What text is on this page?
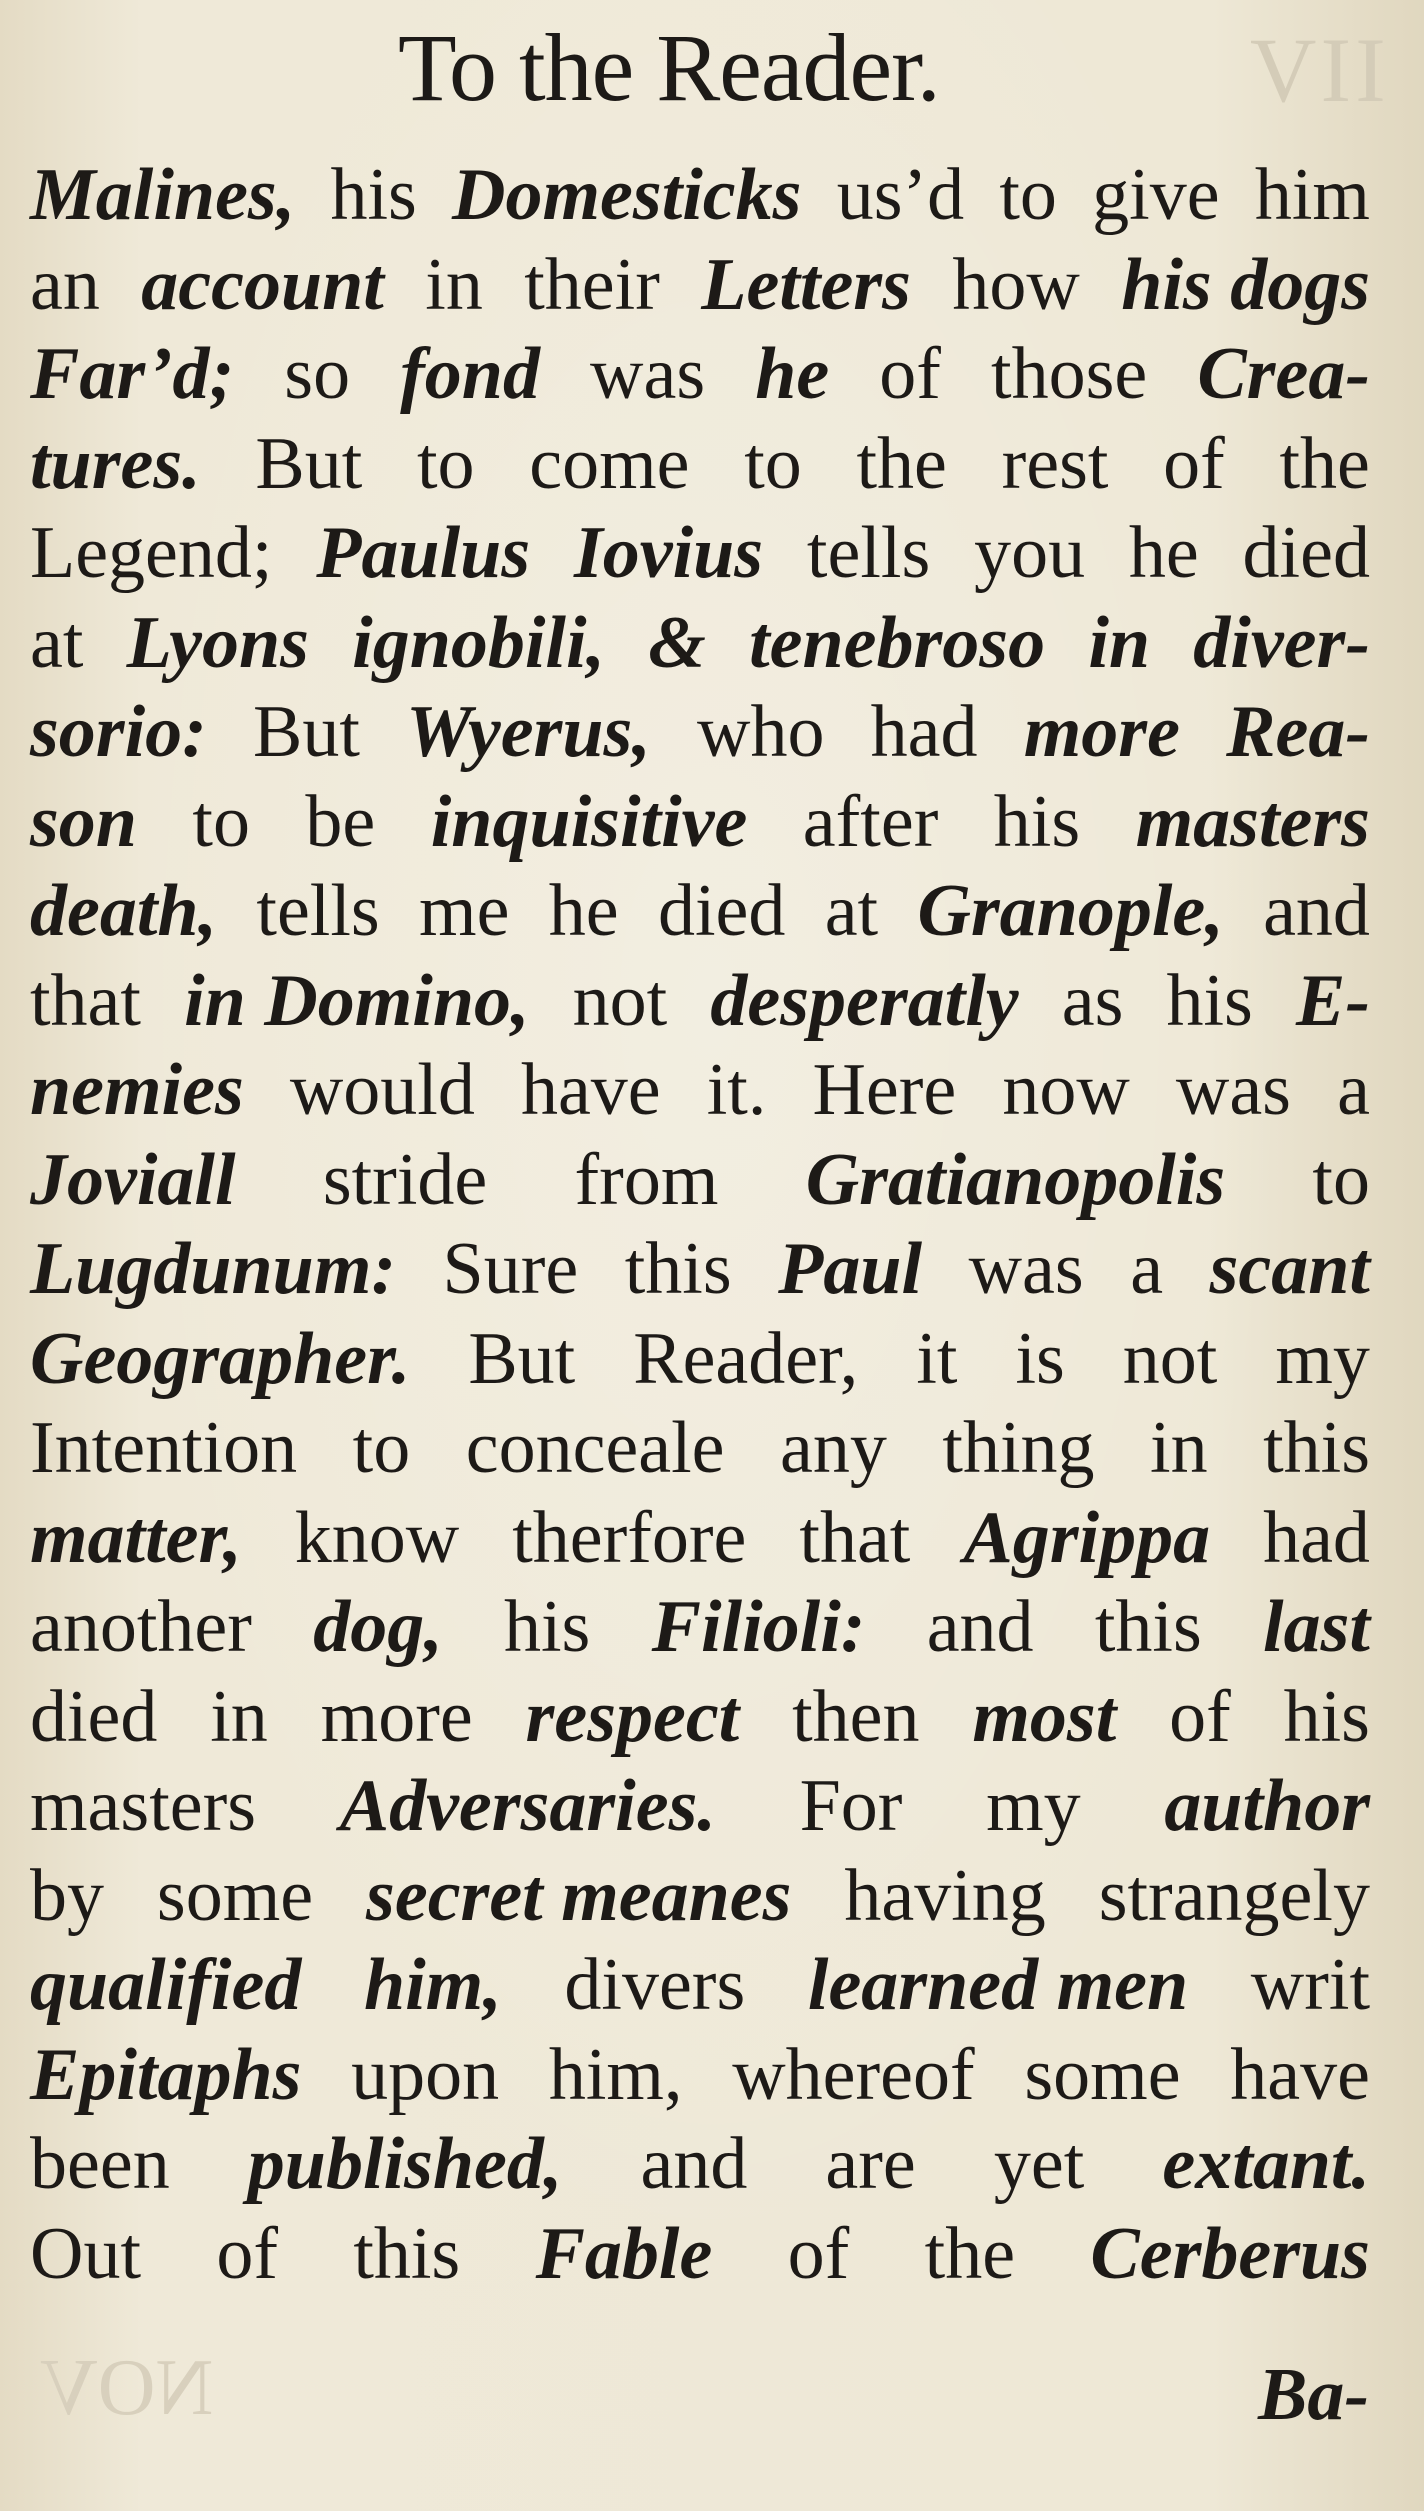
To the Reader.	VII
Malines, his Domesticks us’d to give him
an account in their Letters how his dogs
Far’d; so fond was he of those Crea-
tures. But to come to the rest of the
Legend; Paulus Iovius tells you he died
at Lyons ignobili, & tenebroso in diver-
sorio: But Wyerus, who had more Rea-
son to be inquisitive after his masters
death, tells me he died at Granople, and
that in Domino, not desperatly as his E-
nemies would have it. Here now was a
Joviall stride from Gratianopolis to
Lugdunum: Sure this Paul was a scant
Geographer. But Reader, it is not my
Intention to conceale any thing in this
matter, know therfore that Agrippa had
another dog, his Filioli: and this last
died in more respect then most of his
masters Adversaries. For my author
by some secret meanes having strangely
qualified him, divers learned men writ
Epitaphs upon him, whereof some have
been published, and are yet extant.
Out of this Fable of the Cerberus
NOV	Ba-
